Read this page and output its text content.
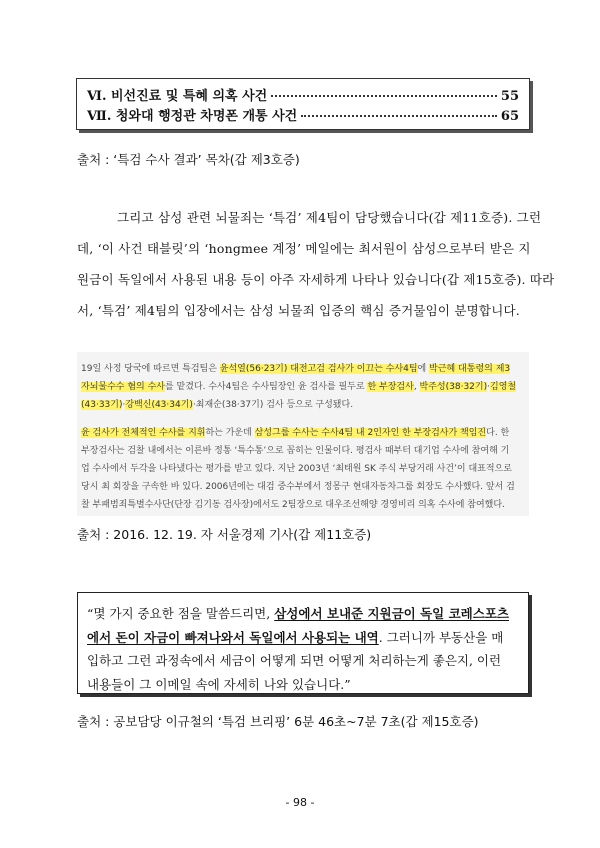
Ⅵ. 비선진료 및 특혜 의혹 사건	55
Ⅶ. 청와대 행정관 차명폰 개통 사건	65
출처 : ‘특검 수사 결과’ 목차(갑 제3호증)
그리고 삼성 관련 뇌물죄는 ‘특검’ 제4팀이 담당했습니다(갑 제11호증). 그런
데, ‘이 사건 태블릿’의 ‘hongmee 계정’ 메일에는 최서원이 삼성으로부터 받은 지
원금이 독일에서 사용된 내용 등이 아주 자세하게 나타나 있습니다(갑 제15호증). 따라
서, ‘특검’ 제4팀의 입장에서는 삼성 뇌물죄 입증의 핵심 증거물임이 분명합니다.
19일 사정 당국에 따르면 특검팀은 윤석열(56·23기) 대전고검 검사가 이끄는 수사4팀에 박근혜 대통령의 제3
자뇌물수수 혐의 수사를 맡겼다. 수사4팀은 수사팀장인 윤 검사를 필두로 한 부장검사, 박주성(38·32기)·김영철
(43·33기)·강백신(43·34기)·최재순(38·37기) 검사 등으로 구성됐다.
윤 검사가 전체적인 수사를 지휘하는 가운데 삼성그룹 수사는 수사4팀 내 2인자인 한 부장검사가 책임진다. 한
부장검사는 검찰 내에서는 이른바 정통 ‘특수통’으로 꼽히는 인물이다. 평검사 때부터 대기업 수사에 참여해 기
업 수사에서 두각을 나타냈다는 평가를 받고 있다. 지난 2003년 ‘최태원 SK 주식 부당거래 사건’이 대표적으로
당시 최 회장을 구속한 바 있다. 2006년에는 대검 중수부에서 정몽구 현대자동차그룹 회장도 수사했다. 앞서 검
찰 부패범죄특별수사단(단장 김기동 검사장)에서도 2팀장으로 대우조선해양 경영비리 의혹 수사에 참여했다.
출처 : 2016. 12. 19. 자 서울경제 기사(갑 제11호증)
“몇 가지 중요한 점을 말씀드리면, 삼성에서 보내준 지원금이 독일 코레스포츠
에서 돈이 자금이 빠져나와서 독일에서 사용되는 내역. 그러니까 부동산을 매
입하고 그런 과정속에서 세금이 어떻게 되면 어떻게 처리하는게 좋은지, 이런
내용들이 그 이메일 속에 자세히 나와 있습니다.”
출처 : 공보담당 이규철의 ‘특검 브리핑’ 6분 46초~7분 7초(갑 제15호증)
- 98 -
